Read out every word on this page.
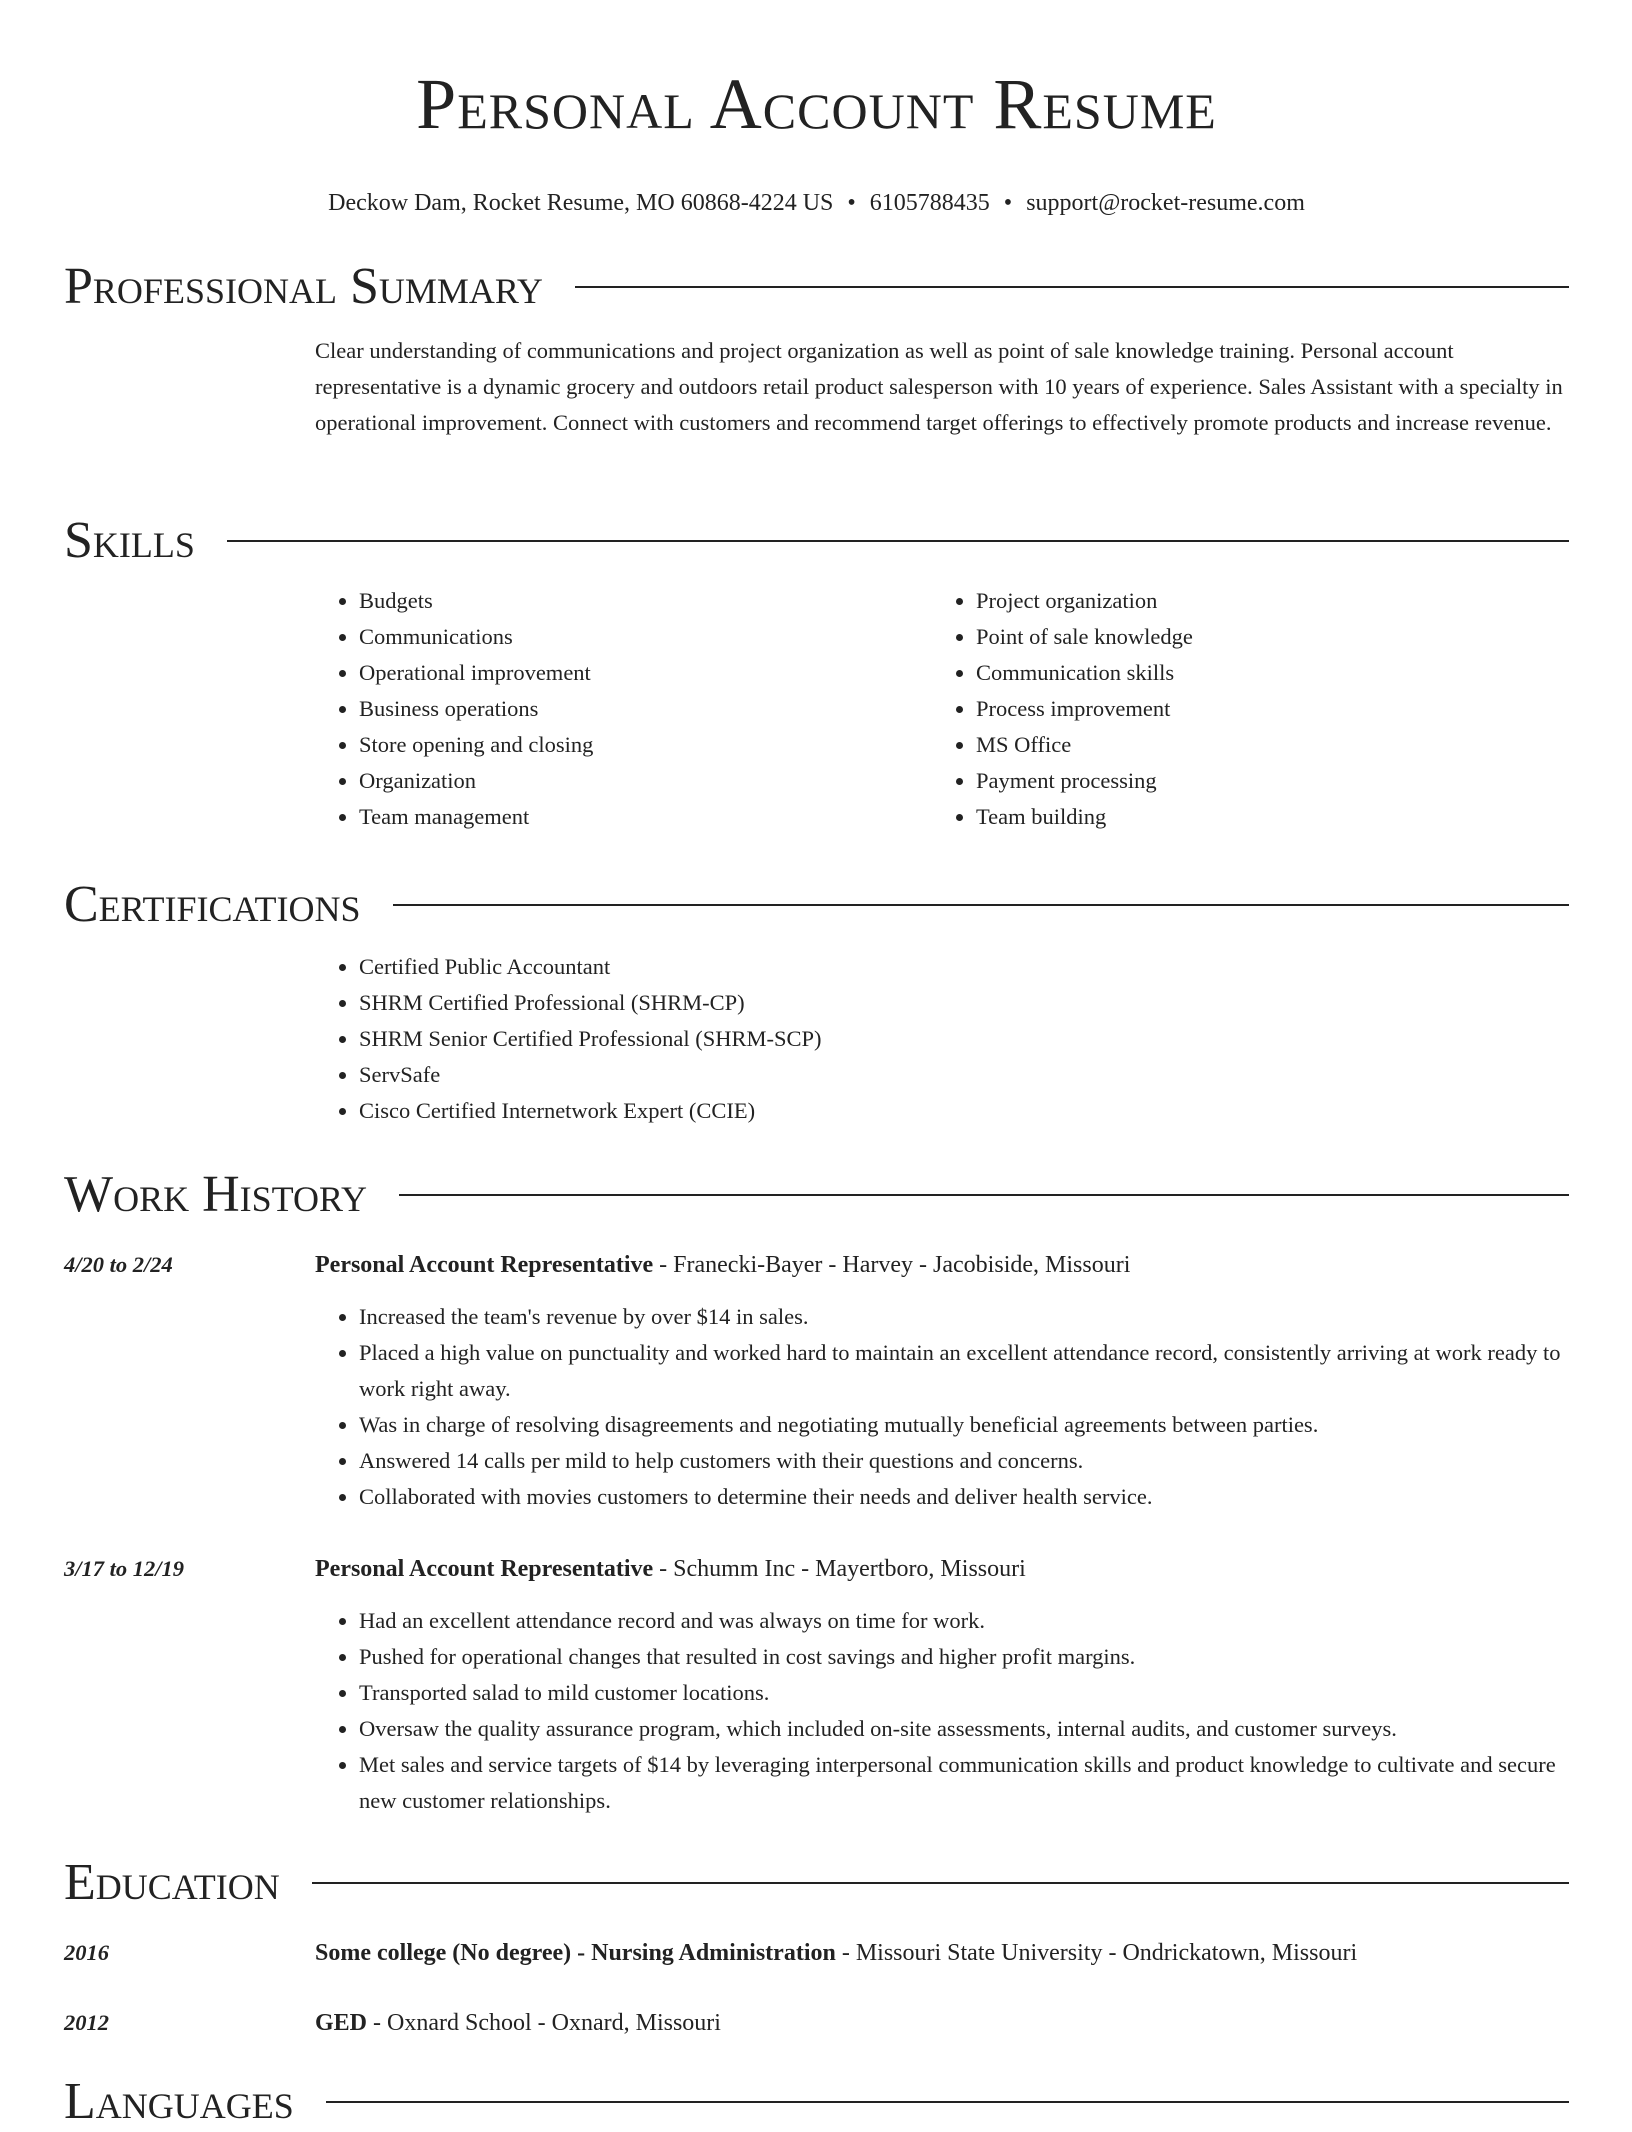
Personal Account Resume
Deckow Dam, Rocket Resume, MO 60868-4224 US • 6105788435 • support@rocket-resume.com
Professional Summary

Clear understanding of communications and project organization as well as point of sale knowledge training. Personal account representative is a dynamic grocery and outdoors retail product salesperson with 10 years of experience. Sales Assistant with a specialty in operational improvement. Connect with customers and recommend target offerings to effectively promote products and increase revenue.

Skills
• Budgets
• Communications
• Operational improvement
• Business operations
• Store opening and closing
• Organization
• Team management
• Project organization
• Point of sale knowledge
• Communication skills
• Process improvement
• MS Office
• Payment processing
• Team building
Certifications
• Certified Public Accountant
• SHRM Certified Professional (SHRM-CP)
• SHRM Senior Certified Professional (SHRM-SCP)
• ServSafe
• Cisco Certified Internetwork Expert (CCIE)
Work History
4/20 to 2/24	Personal Account Representative - Franecki-Bayer - Harvey - Jacobiside, Missouri
• Increased the team's revenue by over $14 in sales.
• Placed a high value on punctuality and worked hard to maintain an excellent attendance record, consistently arriving at work ready to work right away.
• Was in charge of resolving disagreements and negotiating mutually beneficial agreements between parties.
• Answered 14 calls per mild to help customers with their questions and concerns.
• Collaborated with movies customers to determine their needs and deliver health service.
3/17 to 12/19	Personal Account Representative - Schumm Inc - Mayertboro, Missouri
• Had an excellent attendance record and was always on time for work.
• Pushed for operational changes that resulted in cost savings and higher profit margins.
• Transported salad to mild customer locations.
• Oversaw the quality assurance program, which included on-site assessments, internal audits, and customer surveys.
• Met sales and service targets of $14 by leveraging interpersonal communication skills and product knowledge to cultivate and secure new customer relationships.
Education
2016	Some college (No degree) - Nursing Administration - Missouri State University - Ondrickatown, Missouri
2012	GED - Oxnard School - Oxnard, Missouri
Languages
